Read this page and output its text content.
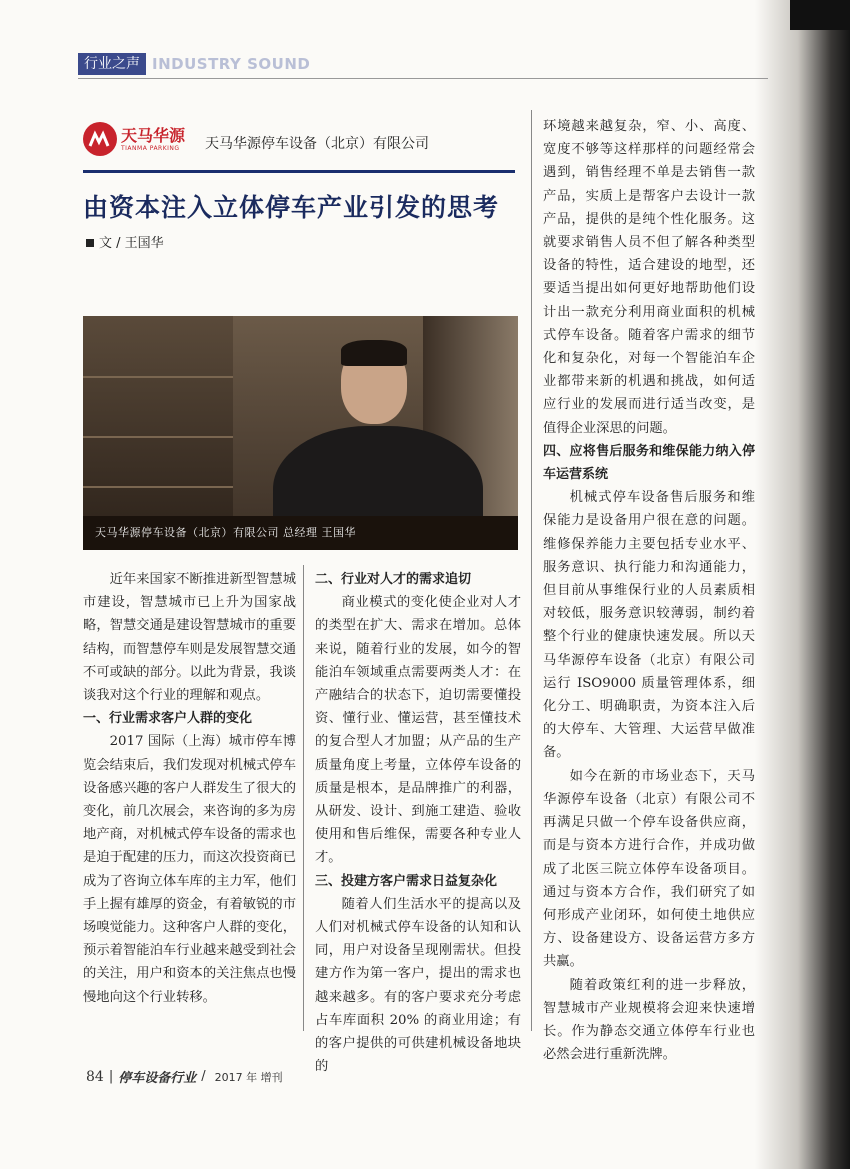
行业之声 INDUSTRY SOUND
天马华源
TIANMA PARKING	天马华源停车设备（北京）有限公司
由资本注入立体停车产业引发的思考
文 / 王国华
天马华源停车设备（北京）有限公司 总经理 王国华

近年来国家不断推进新型智慧城市建设，智慧城市已上升为国家战略，智慧交通是建设智慧城市的重要结构，而智慧停车则是发展智慧交通不可或缺的部分。以此为背景，我谈谈我对这个行业的理解和观点。

一、行业需求客户人群的变化

2017 国际（上海）城市停车博览会结束后，我们发现对机械式停车设备感兴趣的客户人群发生了很大的变化，前几次展会，来咨询的多为房地产商，对机械式停车设备的需求也是迫于配建的压力，而这次投资商已成为了咨询立体车库的主力军，他们手上握有雄厚的资金，有着敏锐的市场嗅觉能力。这种客户人群的变化，预示着智能泊车行业越来越受到社会的关注，用户和资本的关注焦点也慢慢地向这个行业转移。

二、行业对人才的需求追切

商业模式的变化使企业对人才的类型在扩大、需求在增加。总体来说，随着行业的发展，如今的智能泊车领域重点需要两类人才：在产融结合的状态下，迫切需要懂投资、懂行业、懂运营，甚至懂技术的复合型人才加盟；从产品的生产质量角度上考量，立体停车设备的质量是根本，是品牌推广的利器，从研发、设计、到施工建造、验收使用和售后维保，需要各种专业人才。

三、投建方客户需求日益复杂化

随着人们生活水平的提高以及人们对机械式停车设备的认知和认同，用户对设备呈现刚需状。但投建方作为第一客户，提出的需求也越来越多。有的客户要求充分考虑占车库面积 20% 的商业用途；有的客户提供的可供建机械设备地块的

环境越来越复杂，窄、小、高度、宽度不够等这样那样的问题经常会遇到，销售经理不单是去销售一款产品，实质上是帮客户去设计一款产品，提供的是纯个性化服务。这就要求销售人员不但了解各种类型设备的特性，适合建设的地型，还要适当提出如何更好地帮助他们设计出一款充分利用商业面积的机械式停车设备。随着客户需求的细节化和复杂化，对每一个智能泊车企业都带来新的机遇和挑战，如何适应行业的发展而进行适当改变，是值得企业深思的问题。

四、应将售后服务和维保能力纳入停车运营系统

机械式停车设备售后服务和维保能力是设备用户很在意的问题。维修保养能力主要包括专业水平、服务意识、执行能力和沟通能力，但目前从事维保行业的人员素质相对较低，服务意识较薄弱，制约着整个行业的健康快速发展。所以天马华源停车设备（北京）有限公司运行 ISO9000 质量管理体系，细化分工、明确职责，为资本注入后的大停车、大管理、大运营早做准备。

如今在新的市场业态下，天马华源停车设备（北京）有限公司不再满足只做一个停车设备供应商，而是与资本方进行合作，并成功做成了北医三院立体停车设备项目。通过与资本方合作，我们研究了如何形成产业闭环，如何使土地供应方、设备建设方、设备运营方多方共赢。

随着政策红利的进一步释放，智慧城市产业规模将会迎来快速增长。作为静态交通立体停车行业也必然会进行重新洗牌。

84 | 停车设备行业 / 2017 年 增刊
